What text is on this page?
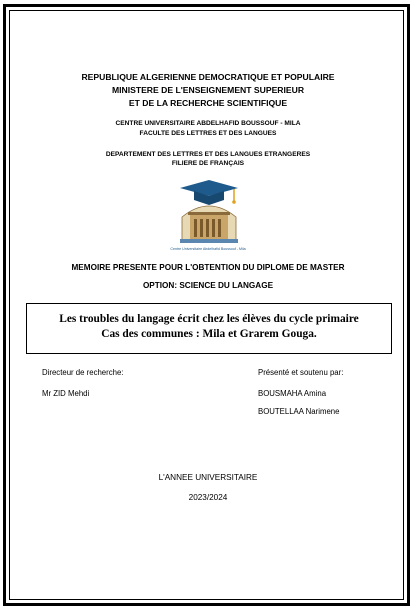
REPUBLIQUE ALGERIENNE DEMOCRATIQUE ET POPULAIRE
MINISTERE DE L'ENSEIGNEMENT SUPERIEUR
ET DE LA RECHERCHE SCIENTIFIQUE
CENTRE UNIVERSITAIRE ABDELHAFID BOUSSOUF - MILA
FACULTE DES LETTRES ET DES LANGUES
DEPARTEMENT DES LETTRES ET DES LANGUES ETRANGERES
FILIERE DE FRANÇAIS
Centre Universitaire Abdelhafid Boussouf - Mila
MEMOIRE PRESENTE POUR L'OBTENTION DU DIPLOME DE MASTER
OPTION: SCIENCE DU LANGAGE
Les troubles du langage écrit chez les élèves du cycle primaire
Cas des communes : Mila et Grarem Gouga.
Directeur de recherche:
Mr ZID Mehdi
Présenté et soutenu par:
BOUSMAHA Amina
BOUTELLAA Narimene
L'ANNEE UNIVERSITAIRE
2023/2024
